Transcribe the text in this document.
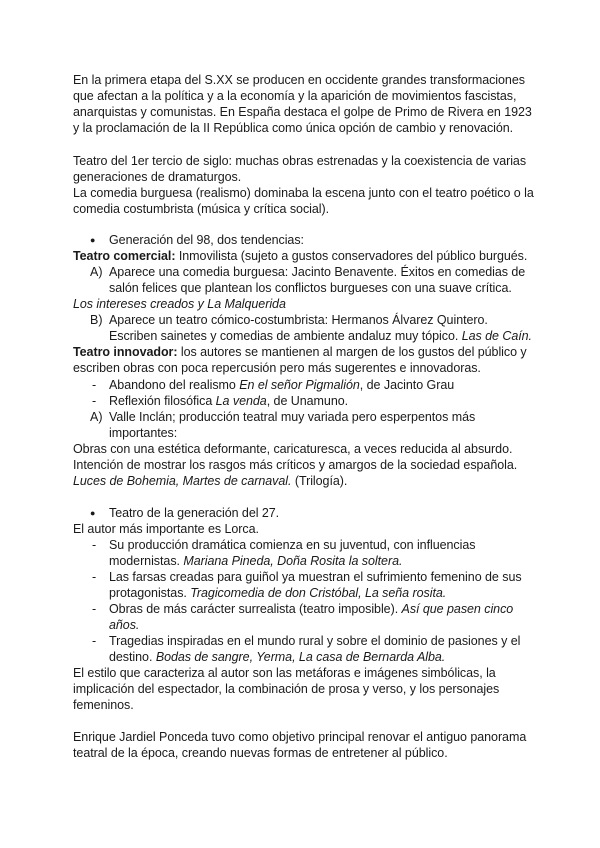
En la primera etapa del S.XX se producen en occidente grandes transformaciones
que afectan a la política y a la economía y la aparición de movimientos fascistas,
anarquistas y comunistas. En España destaca el golpe de Primo de Rivera en 1923
y la proclamación de la II República como única opción de cambio y renovación.
Teatro del 1er tercio de siglo: muchas obras estrenadas y la coexistencia de varias
generaciones de dramaturgos.
La comedia burguesa (realismo) dominaba la escena junto con el teatro poético o la
comedia costumbrista (música y crítica social).
● Generación del 98, dos tendencias:
Teatro comercial: Inmovilista (sujeto a gustos conservadores del público burgués.
A) Aparece una comedia burguesa: Jacinto Benavente. Éxitos en comedias de
salón felices que plantean los conflictos burgueses con una suave crítica.
Los intereses creados y La Malquerida
B) Aparece un teatro cómico-costumbrista: Hermanos Álvarez Quintero.
Escriben sainetes y comedias de ambiente andaluz muy tópico. Las de Caín.
Teatro innovador: los autores se mantienen al margen de los gustos del público y
escriben obras con poca repercusión pero más sugerentes e innovadoras.
- Abandono del realismo En el señor Pigmalión, de Jacinto Grau
- Reflexión filosófica La venda, de Unamuno.
A) Valle Inclán; producción teatral muy variada pero esperpentos más
importantes:
Obras con una estética deformante, caricaturesca, a veces reducida al absurdo.
Intención de mostrar los rasgos más críticos y amargos de la sociedad española.
Luces de Bohemia, Martes de carnaval. (Trilogía).
● Teatro de la generación del 27.
El autor más importante es Lorca.
- Su producción dramática comienza en su juventud, con influencias
modernistas. Mariana Pineda, Doña Rosita la soltera.
- Las farsas creadas para guiñol ya muestran el sufrimiento femenino de sus
protagonistas. Tragicomedia de don Cristóbal, La seña rosita.
- Obras de más carácter surrealista (teatro imposible). Así que pasen cinco
años.
- Tragedias inspiradas en el mundo rural y sobre el dominio de pasiones y el
destino. Bodas de sangre, Yerma, La casa de Bernarda Alba.
El estilo que caracteriza al autor son las metáforas e imágenes simbólicas, la
implicación del espectador, la combinación de prosa y verso, y los personajes
femeninos.
Enrique Jardiel Ponceda tuvo como objetivo principal renovar el antiguo panorama
teatral de la época, creando nuevas formas de entretener al público.
